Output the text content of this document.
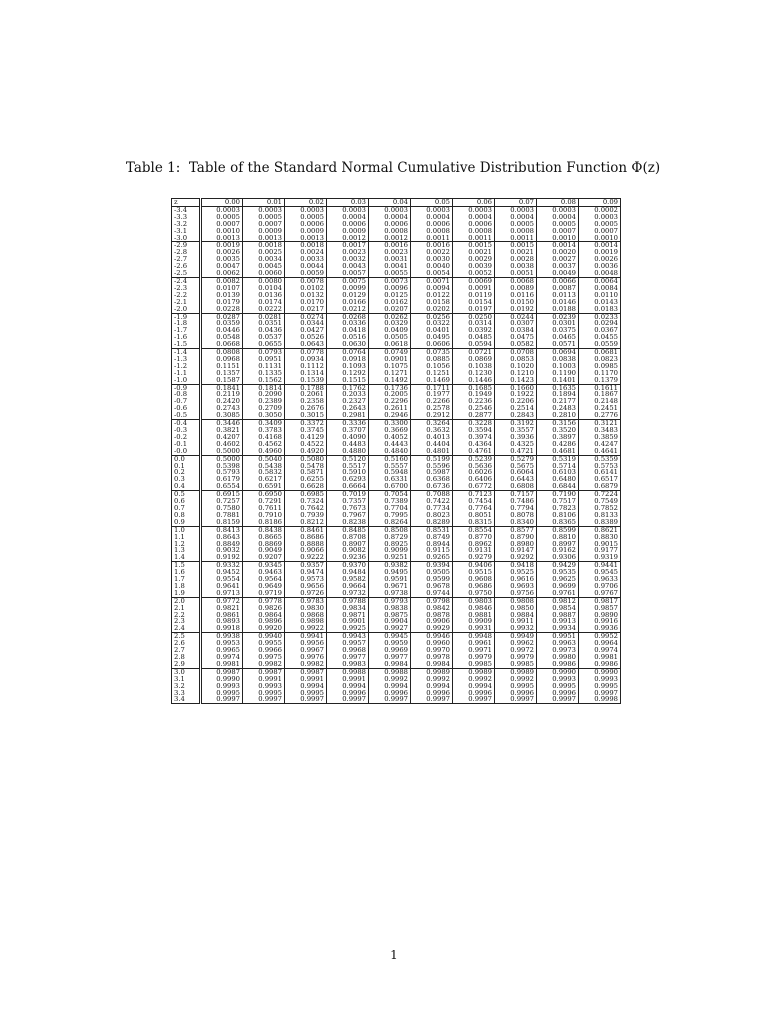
Table 1: Table of the Standard Normal Cumulative Distribution Function Φ(z)
z	0.00	0.01	0.02	0.03	0.04	0.05	0.06	0.07	0.08	0.09
-3.4	0.0003	0.0003	0.0003	0.0003	0.0003	0.0003	0.0003	0.0003	0.0003	0.0002
-3.3	0.0005	0.0005	0.0005	0.0004	0.0004	0.0004	0.0004	0.0004	0.0004	0.0003
-3.2	0.0007	0.0007	0.0006	0.0006	0.0006	0.0006	0.0006	0.0005	0.0005	0.0005
-3.1	0.0010	0.0009	0.0009	0.0009	0.0008	0.0008	0.0008	0.0008	0.0007	0.0007
-3.0	0.0013	0.0013	0.0013	0.0012	0.0012	0.0011	0.0011	0.0011	0.0010	0.0010
-2.9	0.0019	0.0018	0.0018	0.0017	0.0016	0.0016	0.0015	0.0015	0.0014	0.0014
-2.8	0.0026	0.0025	0.0024	0.0023	0.0023	0.0022	0.0021	0.0021	0.0020	0.0019
-2.7	0.0035	0.0034	0.0033	0.0032	0.0031	0.0030	0.0029	0.0028	0.0027	0.0026
-2.6	0.0047	0.0045	0.0044	0.0043	0.0041	0.0040	0.0039	0.0038	0.0037	0.0036
-2.5	0.0062	0.0060	0.0059	0.0057	0.0055	0.0054	0.0052	0.0051	0.0049	0.0048
-2.4	0.0082	0.0080	0.0078	0.0075	0.0073	0.0071	0.0069	0.0068	0.0066	0.0064
-2.3	0.0107	0.0104	0.0102	0.0099	0.0096	0.0094	0.0091	0.0089	0.0087	0.0084
-2.2	0.0139	0.0136	0.0132	0.0129	0.0125	0.0122	0.0119	0.0116	0.0113	0.0110
-2.1	0.0179	0.0174	0.0170	0.0166	0.0162	0.0158	0.0154	0.0150	0.0146	0.0143
-2.0	0.0228	0.0222	0.0217	0.0212	0.0207	0.0202	0.0197	0.0192	0.0188	0.0183
-1.9	0.0287	0.0281	0.0274	0.0268	0.0262	0.0256	0.0250	0.0244	0.0239	0.0233
-1.8	0.0359	0.0351	0.0344	0.0336	0.0329	0.0322	0.0314	0.0307	0.0301	0.0294
-1.7	0.0446	0.0436	0.0427	0.0418	0.0409	0.0401	0.0392	0.0384	0.0375	0.0367
-1.6	0.0548	0.0537	0.0526	0.0516	0.0505	0.0495	0.0485	0.0475	0.0465	0.0455
-1.5	0.0668	0.0655	0.0643	0.0630	0.0618	0.0606	0.0594	0.0582	0.0571	0.0559
-1.4	0.0808	0.0793	0.0778	0.0764	0.0749	0.0735	0.0721	0.0708	0.0694	0.0681
-1.3	0.0968	0.0951	0.0934	0.0918	0.0901	0.0885	0.0869	0.0853	0.0838	0.0823
-1.2	0.1151	0.1131	0.1112	0.1093	0.1075	0.1056	0.1038	0.1020	0.1003	0.0985
-1.1	0.1357	0.1335	0.1314	0.1292	0.1271	0.1251	0.1230	0.1210	0.1190	0.1170
-1.0	0.1587	0.1562	0.1539	0.1515	0.1492	0.1469	0.1446	0.1423	0.1401	0.1379
-0.9	0.1841	0.1814	0.1788	0.1762	0.1736	0.1711	0.1685	0.1660	0.1635	0.1611
-0.8	0.2119	0.2090	0.2061	0.2033	0.2005	0.1977	0.1949	0.1922	0.1894	0.1867
-0.7	0.2420	0.2389	0.2358	0.2327	0.2296	0.2266	0.2236	0.2206	0.2177	0.2148
-0.6	0.2743	0.2709	0.2676	0.2643	0.2611	0.2578	0.2546	0.2514	0.2483	0.2451
-0.5	0.3085	0.3050	0.3015	0.2981	0.2946	0.2912	0.2877	0.2843	0.2810	0.2776
-0.4	0.3446	0.3409	0.3372	0.3336	0.3300	0.3264	0.3228	0.3192	0.3156	0.3121
-0.3	0.3821	0.3783	0.3745	0.3707	0.3669	0.3632	0.3594	0.3557	0.3520	0.3483
-0.2	0.4207	0.4168	0.4129	0.4090	0.4052	0.4013	0.3974	0.3936	0.3897	0.3859
-0.1	0.4602	0.4562	0.4522	0.4483	0.4443	0.4404	0.4364	0.4325	0.4286	0.4247
-0.0	0.5000	0.4960	0.4920	0.4880	0.4840	0.4801	0.4761	0.4721	0.4681	0.4641
0.0	0.5000	0.5040	0.5080	0.5120	0.5160	0.5199	0.5239	0.5279	0.5319	0.5359
0.1	0.5398	0.5438	0.5478	0.5517	0.5557	0.5596	0.5636	0.5675	0.5714	0.5753
0.2	0.5793	0.5832	0.5871	0.5910	0.5948	0.5987	0.6026	0.6064	0.6103	0.6141
0.3	0.6179	0.6217	0.6255	0.6293	0.6331	0.6368	0.6406	0.6443	0.6480	0.6517
0.4	0.6554	0.6591	0.6628	0.6664	0.6700	0.6736	0.6772	0.6808	0.6844	0.6879
0.5	0.6915	0.6950	0.6985	0.7019	0.7054	0.7088	0.7123	0.7157	0.7190	0.7224
0.6	0.7257	0.7291	0.7324	0.7357	0.7389	0.7422	0.7454	0.7486	0.7517	0.7549
0.7	0.7580	0.7611	0.7642	0.7673	0.7704	0.7734	0.7764	0.7794	0.7823	0.7852
0.8	0.7881	0.7910	0.7939	0.7967	0.7995	0.8023	0.8051	0.8078	0.8106	0.8133
0.9	0.8159	0.8186	0.8212	0.8238	0.8264	0.8289	0.8315	0.8340	0.8365	0.8389
1.0	0.8413	0.8438	0.8461	0.8485	0.8508	0.8531	0.8554	0.8577	0.8599	0.8621
1.1	0.8643	0.8665	0.8686	0.8708	0.8729	0.8749	0.8770	0.8790	0.8810	0.8830
1.2	0.8849	0.8869	0.8888	0.8907	0.8925	0.8944	0.8962	0.8980	0.8997	0.9015
1.3	0.9032	0.9049	0.9066	0.9082	0.9099	0.9115	0.9131	0.9147	0.9162	0.9177
1.4	0.9192	0.9207	0.9222	0.9236	0.9251	0.9265	0.9279	0.9292	0.9306	0.9319
1.5	0.9332	0.9345	0.9357	0.9370	0.9382	0.9394	0.9406	0.9418	0.9429	0.9441
1.6	0.9452	0.9463	0.9474	0.9484	0.9495	0.9505	0.9515	0.9525	0.9535	0.9545
1.7	0.9554	0.9564	0.9573	0.9582	0.9591	0.9599	0.9608	0.9616	0.9625	0.9633
1.8	0.9641	0.9649	0.9656	0.9664	0.9671	0.9678	0.9686	0.9693	0.9699	0.9706
1.9	0.9713	0.9719	0.9726	0.9732	0.9738	0.9744	0.9750	0.9756	0.9761	0.9767
2.0	0.9772	0.9778	0.9783	0.9788	0.9793	0.9798	0.9803	0.9808	0.9812	0.9817
2.1	0.9821	0.9826	0.9830	0.9834	0.9838	0.9842	0.9846	0.9850	0.9854	0.9857
2.2	0.9861	0.9864	0.9868	0.9871	0.9875	0.9878	0.9881	0.9884	0.9887	0.9890
2.3	0.9893	0.9896	0.9898	0.9901	0.9904	0.9906	0.9909	0.9911	0.9913	0.9916
2.4	0.9918	0.9920	0.9922	0.9925	0.9927	0.9929	0.9931	0.9932	0.9934	0.9936
2.5	0.9938	0.9940	0.9941	0.9943	0.9945	0.9946	0.9948	0.9949	0.9951	0.9952
2.6	0.9953	0.9955	0.9956	0.9957	0.9959	0.9960	0.9961	0.9962	0.9963	0.9964
2.7	0.9965	0.9966	0.9967	0.9968	0.9969	0.9970	0.9971	0.9972	0.9973	0.9974
2.8	0.9974	0.9975	0.9976	0.9977	0.9977	0.9978	0.9979	0.9979	0.9980	0.9981
2.9	0.9981	0.9982	0.9982	0.9983	0.9984	0.9984	0.9985	0.9985	0.9986	0.9986
3.0	0.9987	0.9987	0.9987	0.9988	0.9988	0.9989	0.9989	0.9989	0.9990	0.9990
3.1	0.9990	0.9991	0.9991	0.9991	0.9992	0.9992	0.9992	0.9992	0.9993	0.9993
3.2	0.9993	0.9993	0.9994	0.9994	0.9994	0.9994	0.9994	0.9995	0.9995	0.9995
3.3	0.9995	0.9995	0.9995	0.9996	0.9996	0.9996	0.9996	0.9996	0.9996	0.9997
3.4	0.9997	0.9997	0.9997	0.9997	0.9997	0.9997	0.9997	0.9997	0.9997	0.9998
1
